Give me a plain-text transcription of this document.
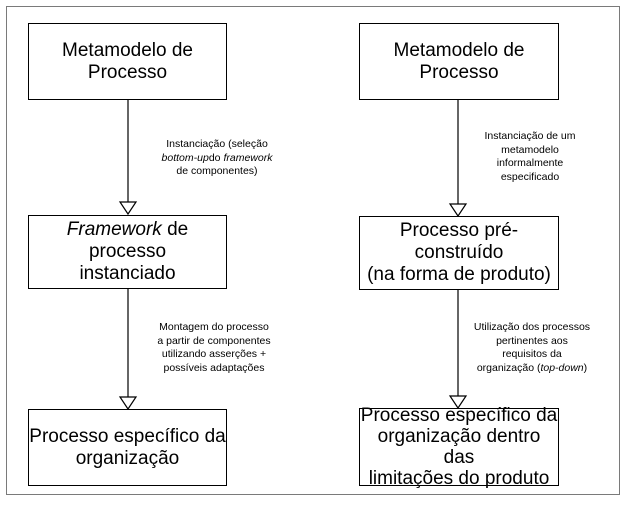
Metamodelo de
Processo
Instanciação (seleção
bottom-updo framework
de componentes)
Framework de processo
instanciado
Montagem do processo
a partir de componentes
utilizando asserções +
possíveis adaptações
Processo específico da
organização
Metamodelo de
Processo
Instanciação de um
metamodelo
informalmente
especificado
Processo pré-construído
(na forma de produto)
Utilização dos processos
pertinentes aos
requisitos da
organização (top-down)
Processo específico da
organização dentro das
limitações do produto
